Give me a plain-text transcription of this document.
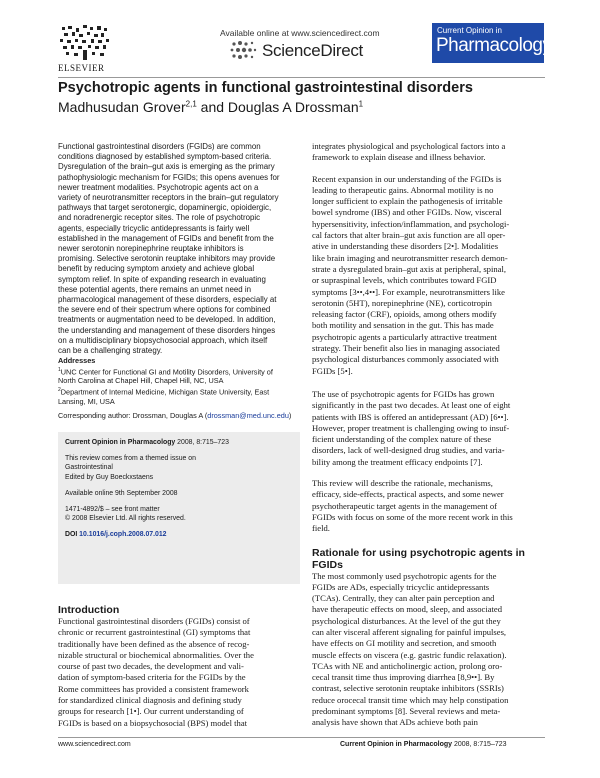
ELSEVIER
Available online at www.sciencedirect.com
ScienceDirect
Current Opinion in
Pharmacology
Psychotropic agents in functional gastrointestinal disorders
Madhusudan Grover$^{2,1}$ and Douglas A Drossman$^1$

Functional gastrointestinal disorders (FGIDs) are common

conditions diagnosed by established symptom-based criteria.

Dysregulation of the brain–gut axis is emerging as the primary

pathophysiologic mechanism for FGIDs; this opens avenues for

newer treatment modalities. Psychotropic agents act on a

variety of neurotransmitter receptors in the brain–gut regulatory

pathways that target serotonergic, dopaminergic, opioidergic,

and noradrenergic receptor sites. The role of psychotropic

agents, especially tricyclic antidepressants is fairly well

established in the management of FGIDs and benefit from the

newer serotonin norepinephrine reuptake inhibitors is

promising. Selective serotonin reuptake inhibitors may provide

benefit by reducing symptom anxiety and achieve global

symptom relief. In spite of expanding research in evaluating

these potential agents, there remains an unmet need in

pharmacological management of these disorders, especially at

the severe end of their spectrum where options for combined

treatments or augmentation need to be developed. In addition,

the understanding and management of these disorders hinges

on a multidisciplinary biopsychosocial approach, which itself

can be a challenging strategy.

Addresses

$^1$UNC Center for Functional GI and Motility Disorders, University of

North Carolina at Chapel Hill, Chapel Hill, NC, USA

$^2$Department of Internal Medicine, Michigan State University, East

Lansing, MI, USA

Corresponding author: Drossman, Douglas A (drossman@med.unc.edu)

Current Opinion in Pharmacology 2008, 8:715–723

This review comes from a themed issue on

Gastrointestinal

Edited by Guy Boeckxstaens

Available online 9th September 2008

1471-4892/$ – see front matter

© 2008 Elsevier Ltd. All rights reserved.

DOI 10.1016/j.coph.2008.07.012

Introduction

Functional gastrointestinal disorders (FGIDs) consist of

chronic or recurrent gastrointestinal (GI) symptoms that

traditionally have been defined as the absence of recog-

nizable structural or biochemical abnormalities. Over the

course of past two decades, the development and vali-

dation of symptom-based criteria for the FGIDs by the

Rome committees has provided a consistent framework

for standardized clinical diagnosis and defining study

groups for research [1•]. Our current understanding of

FGIDs is based on a biopsychosocial (BPS) model that

integrates physiological and psychological factors into a

framework to explain disease and illness behavior.

Recent expansion in our understanding of the FGIDs is

leading to therapeutic gains. Abnormal motility is no

longer sufficient to explain the pathogenesis of irritable

bowel syndrome (IBS) and other FGIDs. Now, visceral

hypersensitivity, infection/inflammation, and psychologi-

cal factors that alter brain–gut axis function are all oper-

ative in understanding these disorders [2•]. Modalities

like brain imaging and neurotransmitter research demon-

strate a dysregulated brain–gut axis at peripheral, spinal,

or supraspinal levels, which contributes toward FGID

symptoms [3••,4••]. For example, neurotransmitters like

serotonin (5HT), norepinephrine (NE), corticotropin

releasing factor (CRF), opioids, among others modify

both motility and sensation in the gut. This has made

psychotropic agents a particularly attractive treatment

strategy. Their benefit also lies in managing associated

psychological disturbances commonly associated with

FGIDs [5•].

The use of psychotropic agents for FGIDs has grown

significantly in the past two decades. At least one of eight

patients with IBS is offered an antidepressant (AD) [6••].

However, proper treatment is challenging owing to insuf-

ficient understanding of the complex nature of these

disorders, lack of well-designed drug studies, and varia-

bility among the treatment efficacy endpoints [7].

This review will describe the rationale, mechanisms,

efficacy, side-effects, practical aspects, and some newer

psychotherapeutic target agents in the management of

FGIDs with focus on some of the more recent work in this

field.

Rationale for using psychotropic agents in
FGIDs

The most commonly used psychotropic agents for the

FGIDs are ADs, especially tricyclic antidepressants

(TCAs). Centrally, they can alter pain perception and

have therapeutic effects on mood, sleep, and associated

psychological disturbances. At the level of the gut they

can alter visceral afferent signaling for painful impulses,

have effects on GI motility and secretion, and smooth

muscle effects on viscera (e.g. gastric fundic relaxation).

TCAs with NE and anticholinergic action, prolong oro-

cecal transit time thus improving diarrhea [8,9••]. By

contrast, selective serotonin reuptake inhibitors (SSRIs)

reduce orocecal transit time which may help constipation

predominant symptoms [8]. Several reviews and meta-

analysis have shown that ADs achieve both pain

www.sciencedirect.com	Current Opinion in Pharmacology 2008, 8:715–723
